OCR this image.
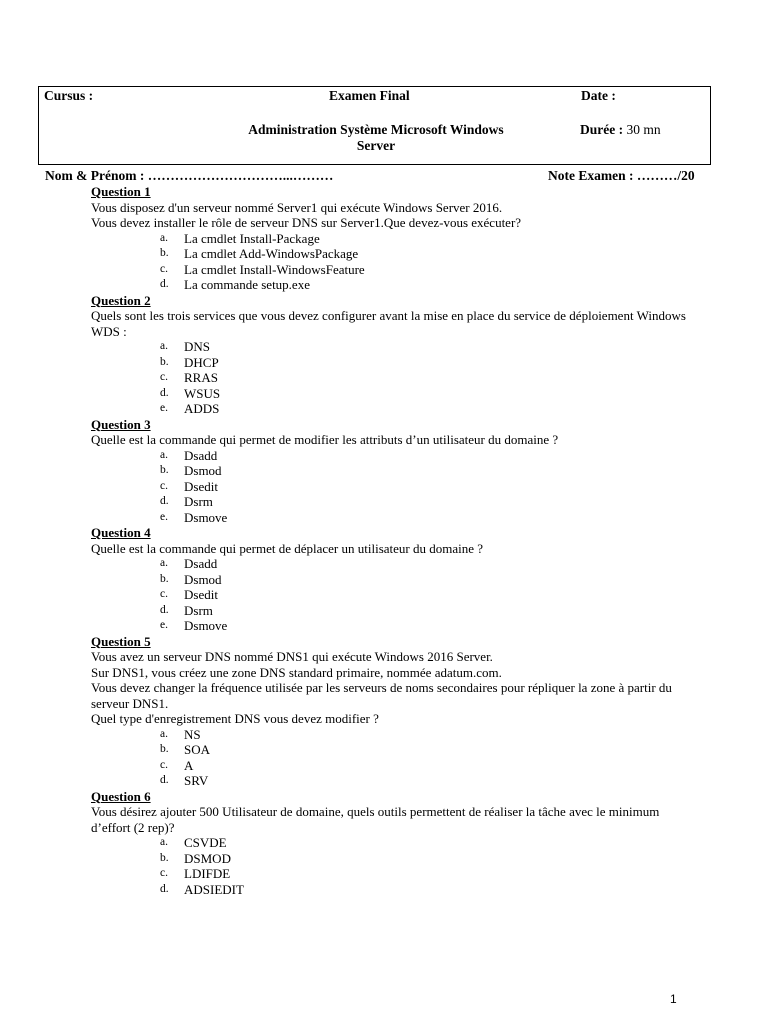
Cursus :	Examen Final	Date :
Administration Système Microsoft Windows
Server
Durée : 30 mn
Nom & Prénom : …………………………...………	Note Examen : ………/20
Question 1
Vous disposez d'un serveur nommé Server1 qui exécute Windows Server 2016.
Vous devez installer le rôle de serveur DNS sur Server1.Que devez-vous exécuter?
a. La cmdlet Install-Package
b. La cmdlet Add-WindowsPackage
c. La cmdlet Install-WindowsFeature
d. La commande setup.exe
Question 2
Quels sont les trois services que vous devez configurer avant la mise en place du service de déploiement Windows WDS :
a. DNS
b. DHCP
c. RRAS
d. WSUS
e. ADDS
Question 3
Quelle est la commande qui permet de modifier les attributs d’un utilisateur du domaine ?
a. Dsadd
b. Dsmod
c. Dsedit
d. Dsrm
e. Dsmove
Question 4
Quelle est la commande qui permet de déplacer un utilisateur du domaine ?
a. Dsadd
b. Dsmod
c. Dsedit
d. Dsrm
e. Dsmove
Question 5
Vous avez un serveur DNS nommé DNS1 qui exécute Windows 2016 Server.
Sur DNS1, vous créez une zone DNS standard primaire, nommée adatum.com.
Vous devez changer la fréquence utilisée par les serveurs de noms secondaires pour répliquer la zone à partir du serveur DNS1.
Quel type d'enregistrement DNS vous devez modifier ?
a. NS
b. SOA
c. A
d. SRV
Question 6
Vous désirez ajouter 500 Utilisateur de domaine, quels outils permettent de réaliser la tâche avec le minimum d’effort (2 rep)?
a. CSVDE
b. DSMOD
c. LDIFDE
d. ADSIEDIT
1
